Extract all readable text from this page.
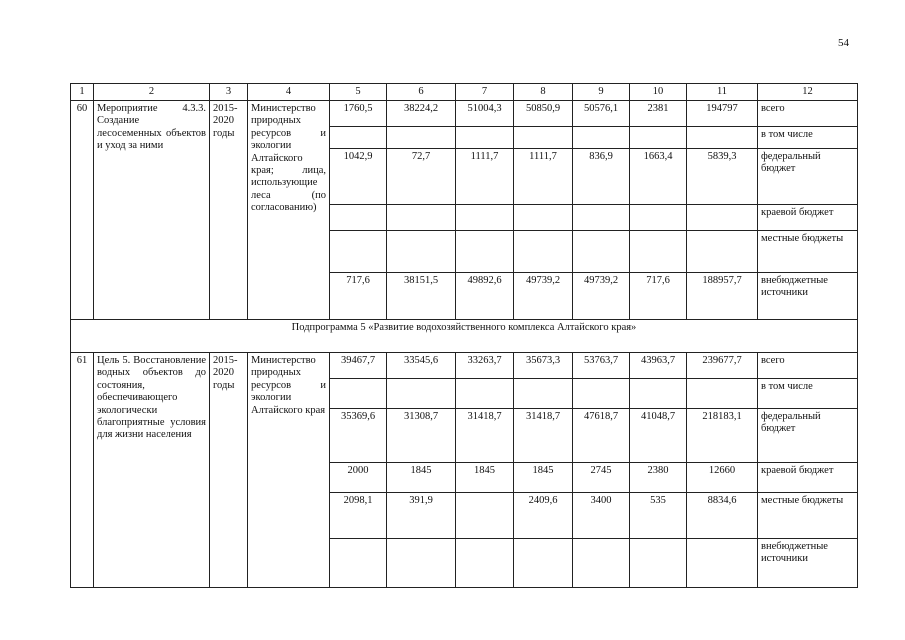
54
1	2	3	4	5	6	7	8	9	10	11	12
60	Мероприятие 4.3.3. Создание лесосеменных объектов и уход за ними	2015-2020 годы	Министерство природных ресурсов и экологии Алтайского края; лица, использующие леса (по согласованию)	1760,5	38224,2	51004,3	50850,9	50576,1	2381	194797	всего
											в том числе
				1042,9	72,7	1111,7	1111,7	836,9	1663,4	5839,3	федеральный бюджет
											краевой бюджет
											местные бюджеты
				717,6	38151,5	49892,6	49739,2	49739,2	717,6	188957,7	внебюджетные источники
Подпрограмма 5 «Развитие водохозяйственного комплекса Алтайского края»											
61	Цель 5. Восстановление водных объектов до состояния, обеспечивающего экологически благоприятные условия для жизни населения	2015-2020 годы	Министерство природных ресурсов и экологии Алтайского края	39467,7	33545,6	33263,7	35673,3	53763,7	43963,7	239677,7	всего
											в том числе
				35369,6	31308,7	31418,7	31418,7	47618,7	41048,7	218183,1	федеральный бюджет
				2000	1845	1845	1845	2745	2380	12660	краевой бюджет
				2098,1	391,9		2409,6	3400	535	8834,6	местные бюджеты
											внебюджетные источники
